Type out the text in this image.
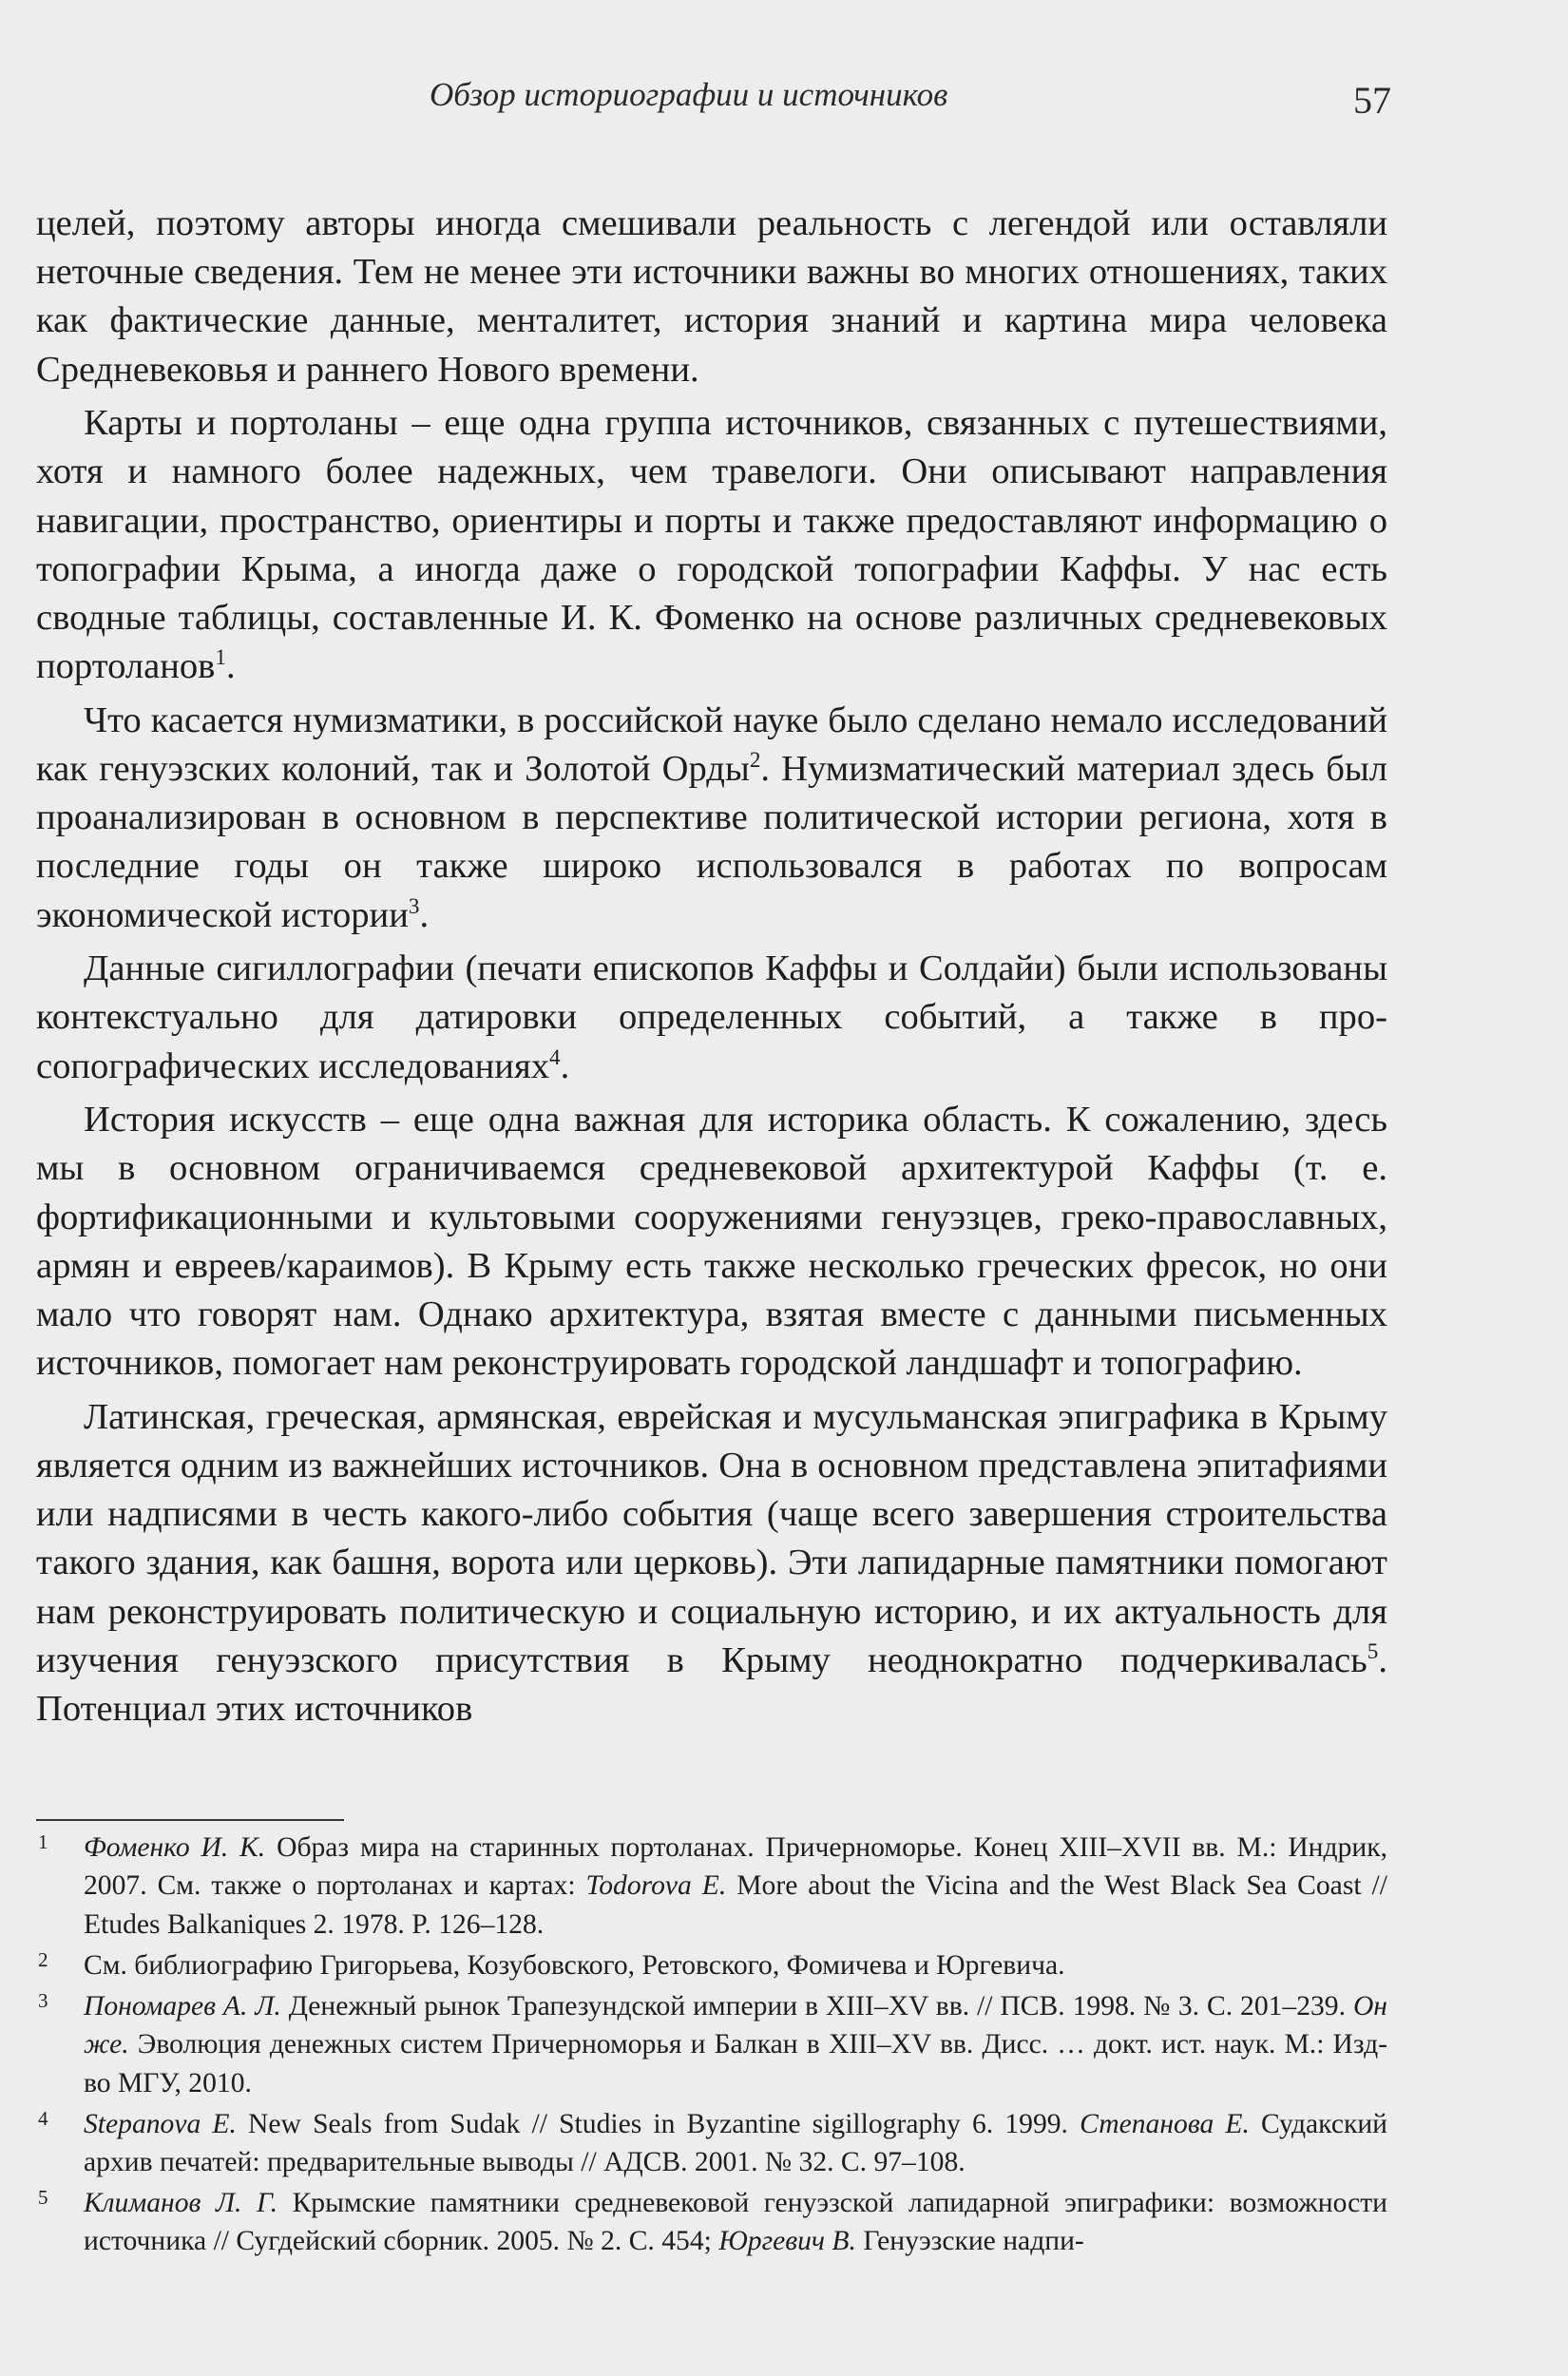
Обзор историографии и источников	57

целей, поэтому авторы иногда смешивали реальность с легендой или оставляли неточные сведения. Тем не менее эти источники важны во многих отношениях, таких как фактические данные, менталитет, история знаний и картина мира человека Средневековья и раннего Нового времени.

Карты и портоланы – еще одна группа источников, связанных с путешествиями, хотя и намного более надежных, чем травелоги. Они описывают направления навигации, пространство, ориентиры и порты и также предоставляют информацию о топографии Крыма, а иногда даже о городской топографии Каффы. У нас есть сводные таблицы, составленные И. К. Фоменко на основе различных средневековых портоланов$^1$.

Что касается нумизматики, в российской науке было сделано немало исследований как генуэзских колоний, так и Золотой Орды$^2$. Нумизматический материал здесь был проанализирован в основном в перспективе политической истории региона, хотя в последние годы он также широко использовался в работах по вопросам экономической истории$^3$.

Данные сигиллографии (печати епископов Каффы и Солдайи) были использованы контекстуально для датировки определенных событий, а также в просопографических исследованиях$^4$.

История искусств – еще одна важная для историка область. К сожалению, здесь мы в основном ограничиваемся средневековой архитектурой Каффы (т. е. фортификационными и культовыми сооружениями генуэзцев, греко-православных, армян и евреев/караимов). В Крыму есть также несколько греческих фресок, но они мало что говорят нам. Однако архитектура, взятая вместе с данными письменных источников, помогает нам реконструировать городской ландшафт и топографию.

Латинская, греческая, армянская, еврейская и мусульманская эпиграфика в Крыму является одним из важнейших источников. Она в основном представлена эпитафиями или надписями в честь какого-либо события (чаще всего завершения строительства такого здания, как башня, ворота или церковь). Эти лапидарные памятники помогают нам реконструировать политическую и социальную историю, и их актуальность для изучения генуэзского присутствия в Крыму неоднократно подчеркивалась$^5$. Потенциал этих источников

1 Фоменко И. К. Образ мира на старинных портоланах. Причерноморье. Конец XIII–XVII вв. М.: Индрик, 2007. См. также о портоланах и картах: Todorova E. More about the Vicina and the West Black Sea Coast // Etudes Balkaniques 2. 1978. P. 126–128.
2 См. библиографию Григорьева, Козубовского, Ретовского, Фомичева и Юргевича.
3 Пономарев А. Л. Денежный рынок Трапезундской империи в XIII–XV вв. // ПСВ. 1998. № 3. С. 201–239. Он же. Эволюция денежных систем Причерноморья и Балкан в XIII–XV вв. Дисс. … докт. ист. наук. М.: Изд-во МГУ, 2010.
4 Stepanova E. New Seals from Sudak // Studies in Byzantine sigillography 6. 1999. Степанова Е. Судакский архив печатей: предварительные выводы // АДСВ. 2001. № 32. С. 97–108.
5 Климанов Л. Г. Крымские памятники средневековой генуэзской лапидарной эпиграфики: возможности источника // Сугдейский сборник. 2005. № 2. С. 454; Юргевич В. Генуэзские надпи-
